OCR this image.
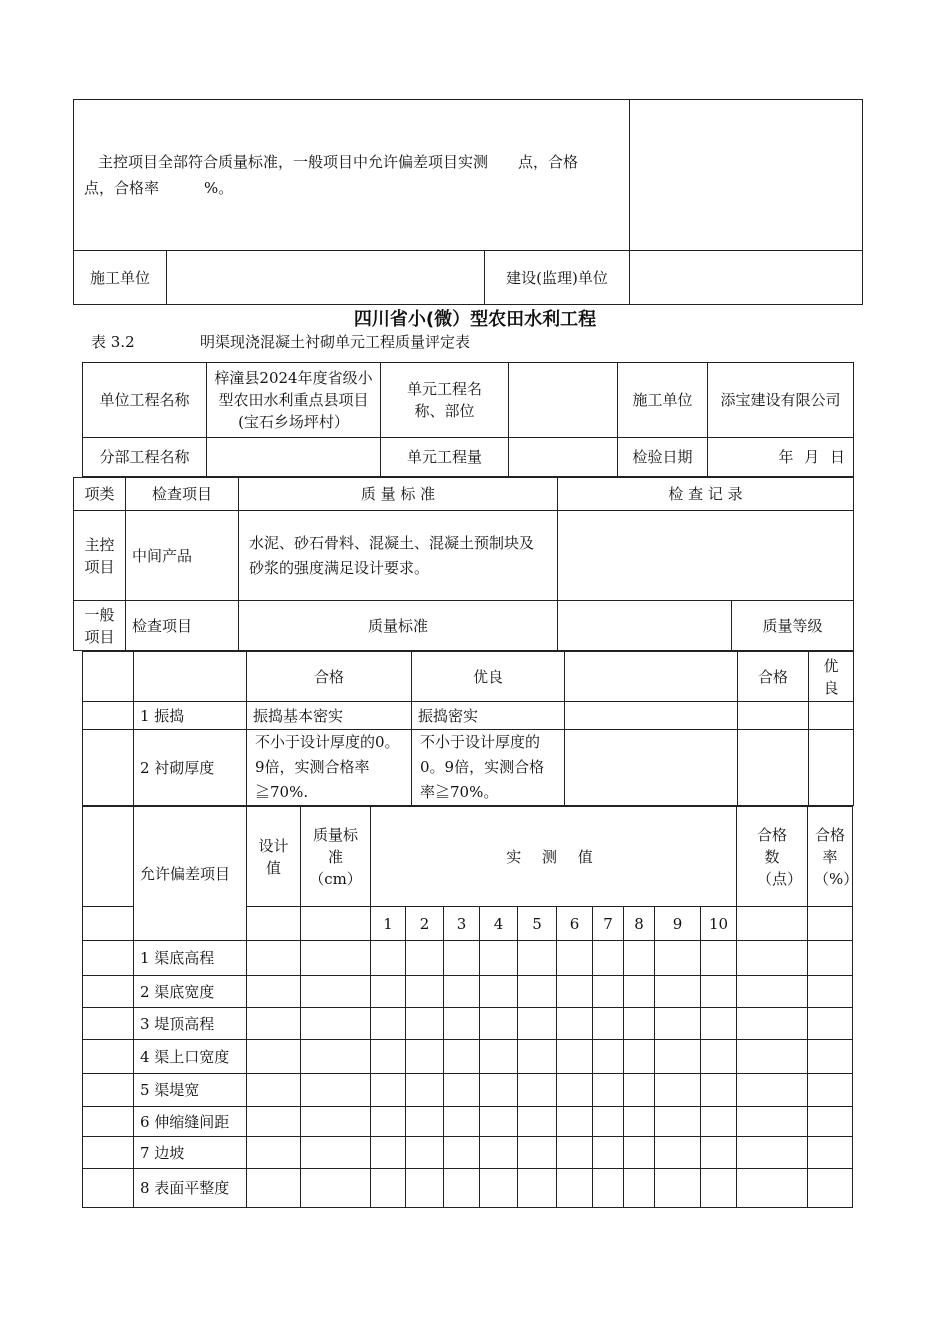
主控项目全部符合质量标准，一般项目中允许偏差项目实测　　点，合格　　点，合格率　　　%。			
施工单位		建设(监理)单位	
四川省小(微）型农田水利工程
表 3.2	明渠现浇混凝土衬砌单元工程质量评定表
单位工程名称	梓潼县2024年度省级小型农田水利重点县项目(宝石乡场坪村）	单元工程名称、部位		施工单位	添宝建设有限公司
分部工程名称		单元工程量		检验日期	年 月 日
项类	检查项目	质 量 标 准	检 查 记 录	
主控项目	中间产品	水泥、砂石骨料、混凝土、混凝土预制块及砂浆的强度满足设计要求。		
一般项目	检查项目	质量标准		质量等级
		合格	优良		合格	优良
	1 振捣	振捣基本密实	振捣密实			
	2 衬砌厚度	不小于设计厚度的0。9倍，实测合格率≧70%.	不小于设计厚度的0。9倍，实测合格率≧70%。			
	允许偏差项目	设计值	质量标准（cm）	实 测 值										合格数（点）	合格率（%）
				1	2	3	4	5	6	7	8	9	10		
	1 渠底高程														
	2 渠底宽度														
	3 堤顶高程														
	4 渠上口宽度														
	5 渠堤宽														
	6 伸缩缝间距														
	7 边坡														
	8 表面平整度														
